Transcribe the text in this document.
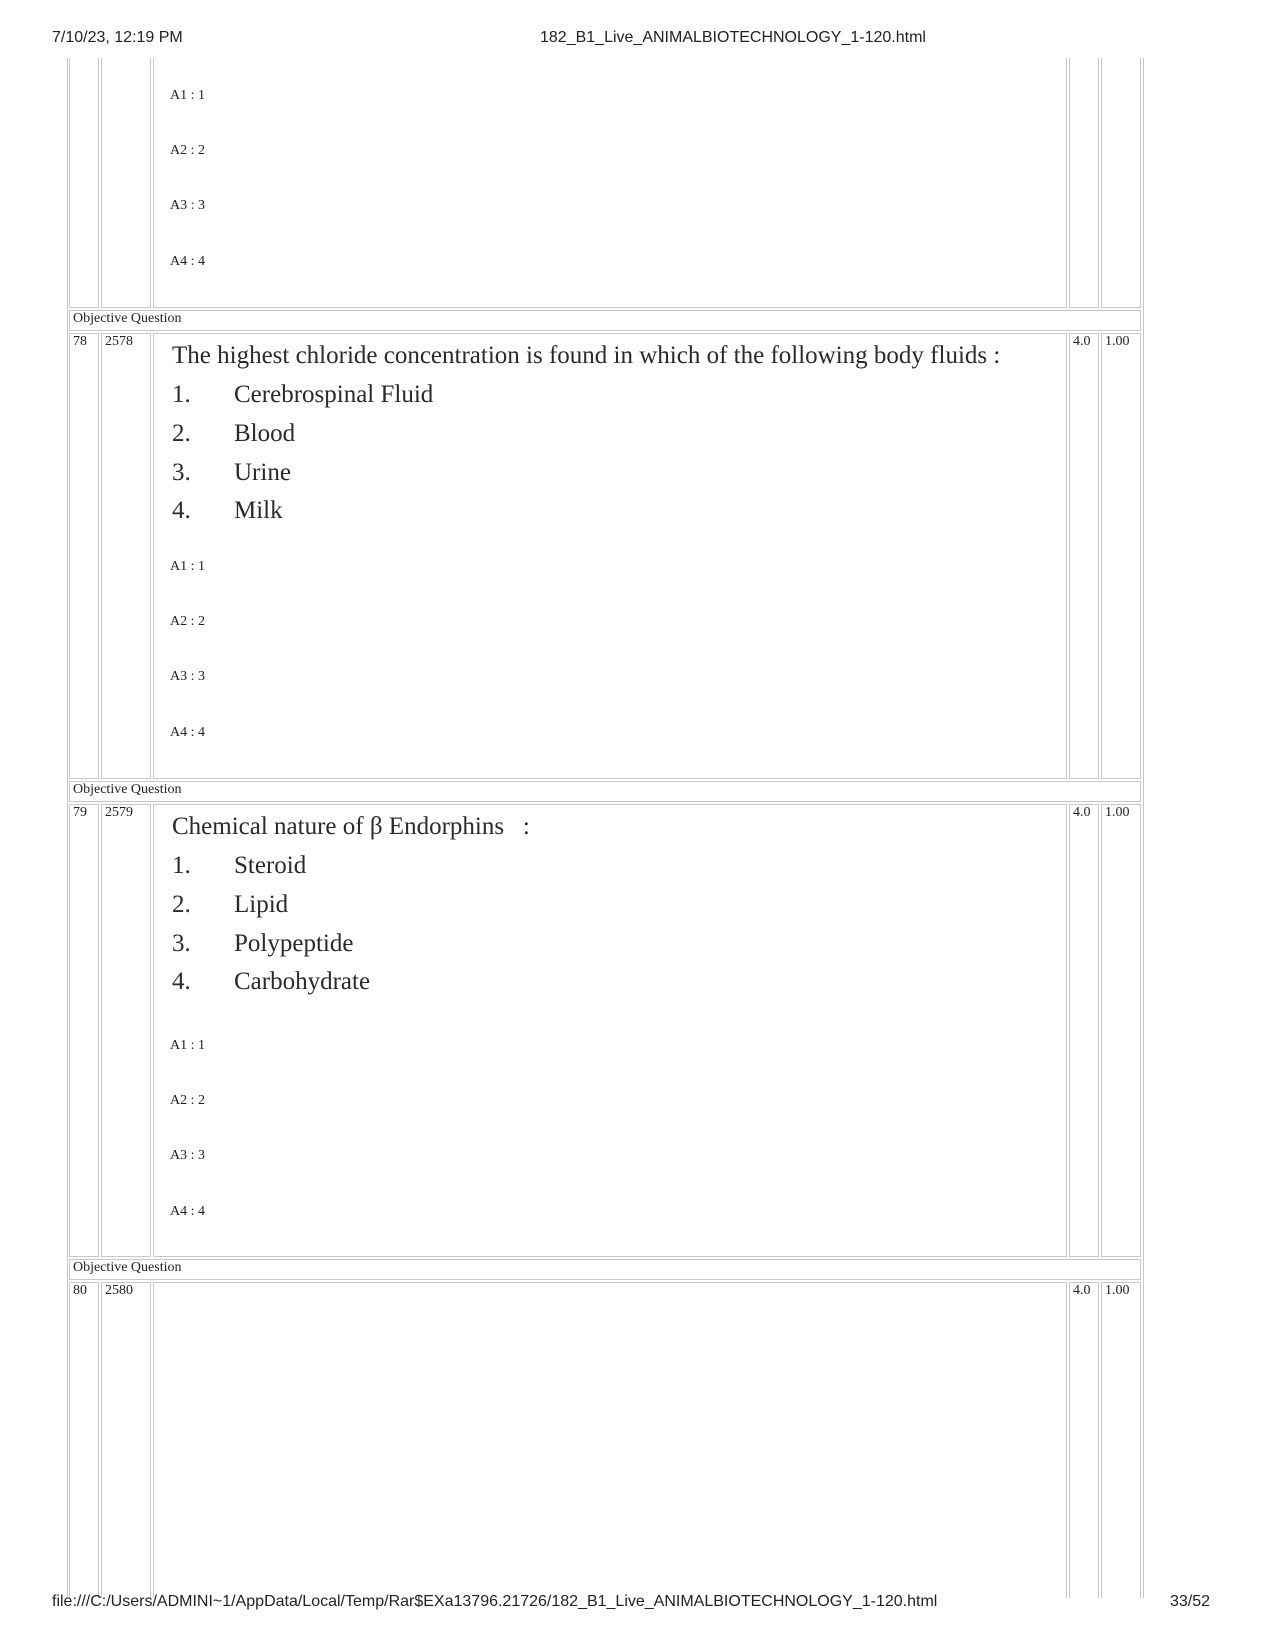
7/10/23, 12:19 PM	182_B1_Live_ANIMALBIOTECHNOLOGY_1-120.html
A1 : 1
A2 : 2
A3 : 3
A4 : 4
Objective Question
78 2578	4.0 1.00
The highest chloride concentration is found in which of the following body fluids :
1. Cerebrospinal Fluid
2. Blood
3. Urine
4. Milk
A1 : 1
A2 : 2
A3 : 3
A4 : 4
Objective Question
79 2579	4.0 1.00
Chemical nature of β Endorphins   :
1. Steroid
2. Lipid
3. Polypeptide
4. Carbohydrate
A1 : 1
A2 : 2
A3 : 3
A4 : 4
Objective Question
80 2580	4.0 1.00
file:///C:/Users/ADMINI~1/AppData/Local/Temp/Rar$EXa13796.21726/182_B1_Live_ANIMALBIOTECHNOLOGY_1-120.html	33/52
